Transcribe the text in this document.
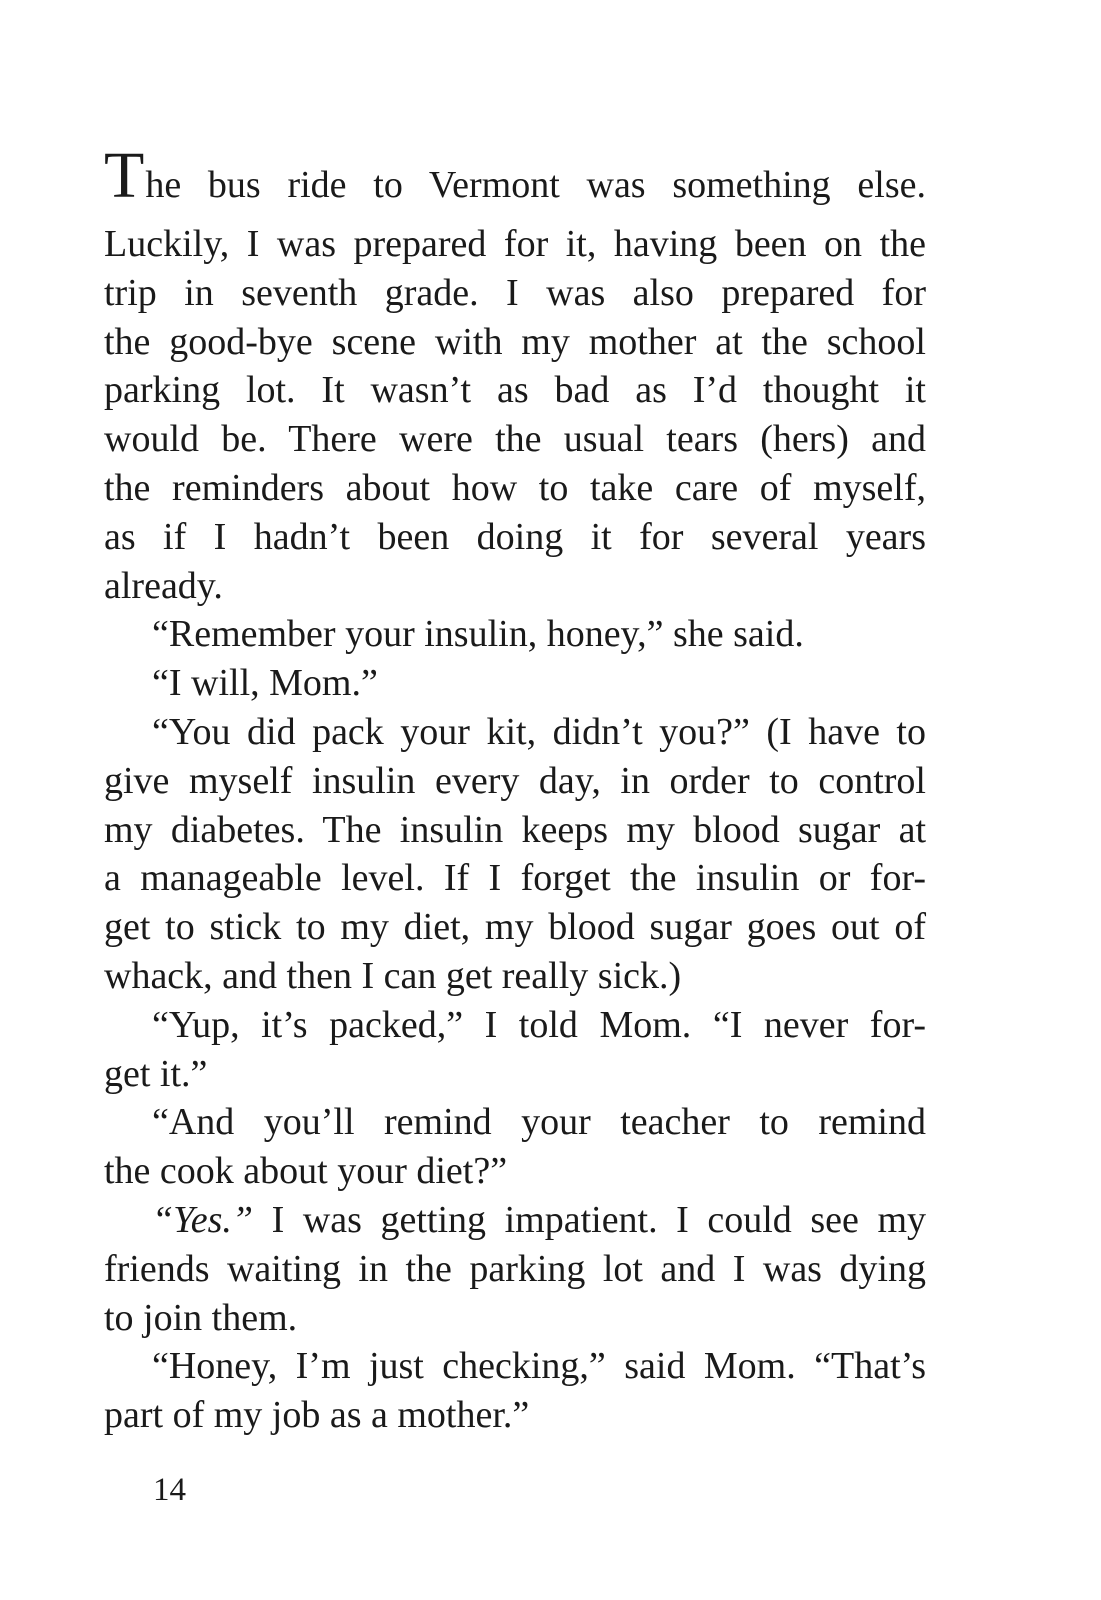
The bus ride to Vermont was something else.
Luckily, I was prepared for it, having been on the
trip in seventh grade. I was also prepared for
the good-bye scene with my mother at the school
parking lot. It wasn’t as bad as I’d thought it
would be. There were the usual tears (hers) and
the reminders about how to take care of myself,
as if I hadn’t been doing it for several years
already.
“Remember your insulin, honey,” she said.
“I will, Mom.”
“You did pack your kit, didn’t you?” (I have to
give myself insulin every day, in order to control
my diabetes. The insulin keeps my blood sugar at
a manageable level. If I forget the insulin or for-
get to stick to my diet, my blood sugar goes out of
whack, and then I can get really sick.)
“Yup, it’s packed,” I told Mom. “I never for-
get it.”
“And you’ll remind your teacher to remind
the cook about your diet?”
“Yes.” I was getting impatient. I could see my
friends waiting in the parking lot and I was dying
to join them.
“Honey, I’m just checking,” said Mom. “That’s
part of my job as a mother.”
14
